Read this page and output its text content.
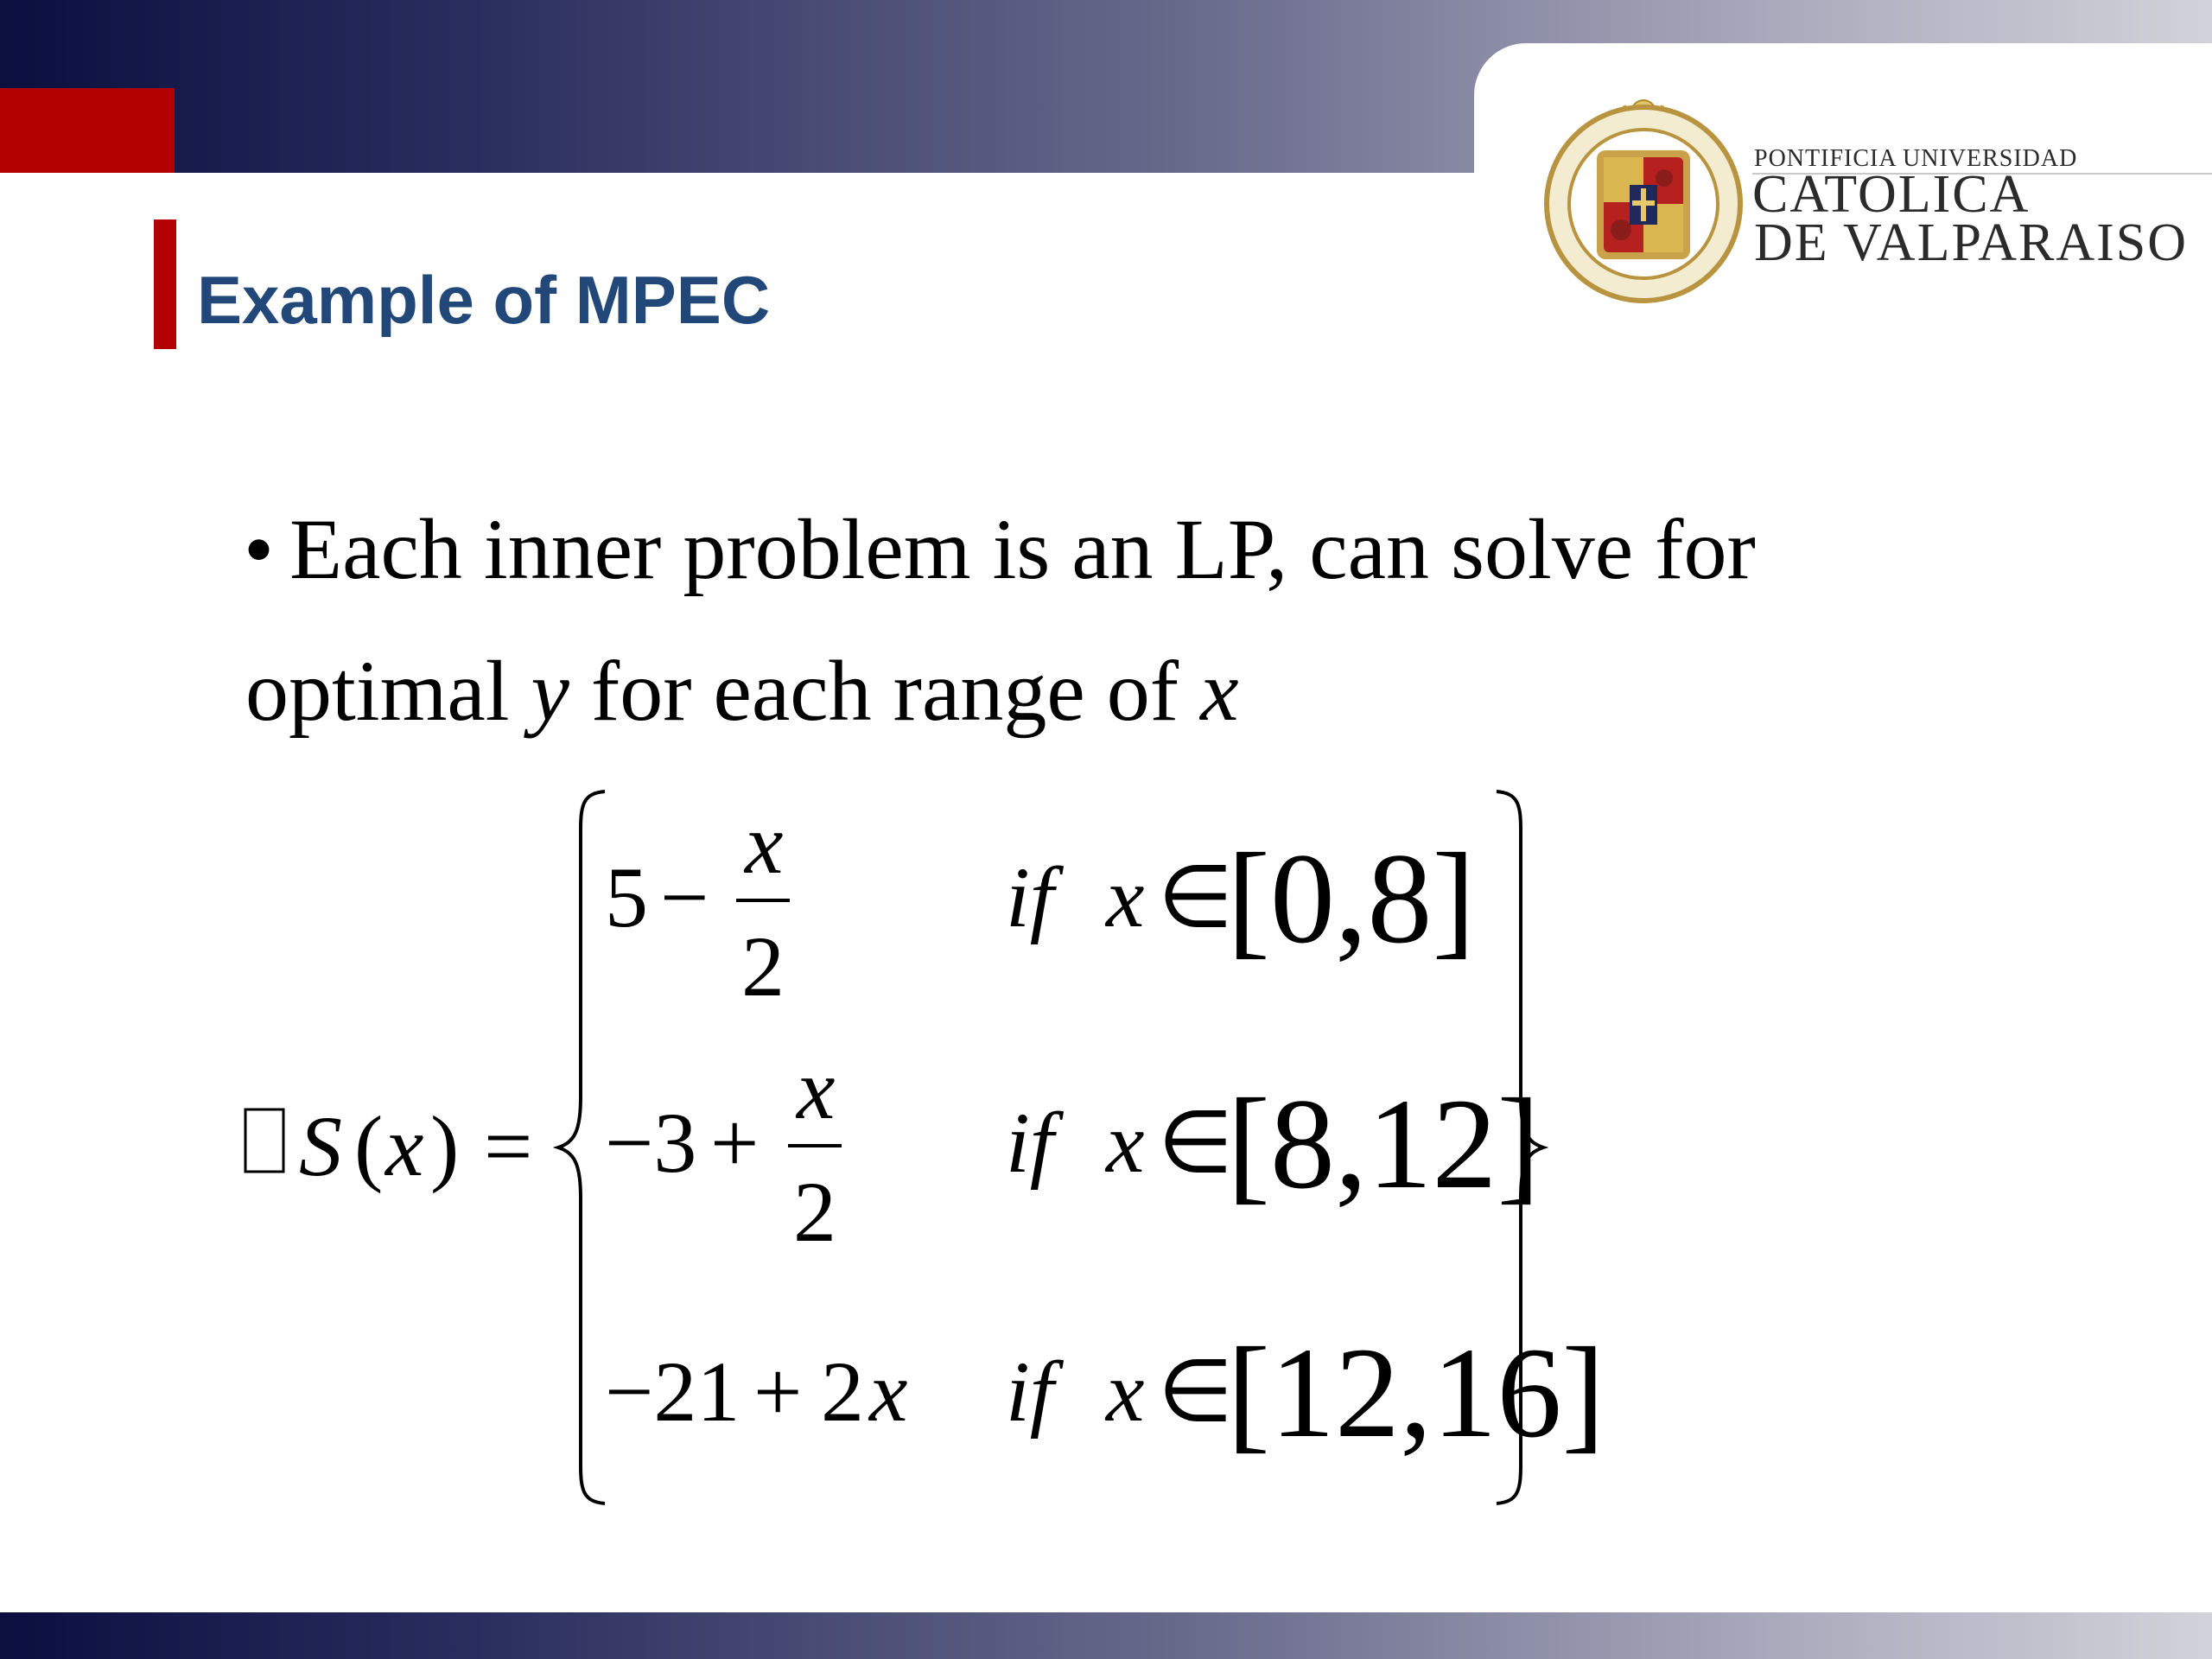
PONTIFICIA UNIVERSIDAD
CATOLICA
DE VALPARAISO
Example of MPEC
• Each inner problem is an LP, can solve for
optimal y for each range of x
S ( x ) =
5 −
x
2
if x ∈
[0,8]
−3 +
x
2
if x ∈
[8,12]
−21 + 2 x if x ∈
[12,16]
